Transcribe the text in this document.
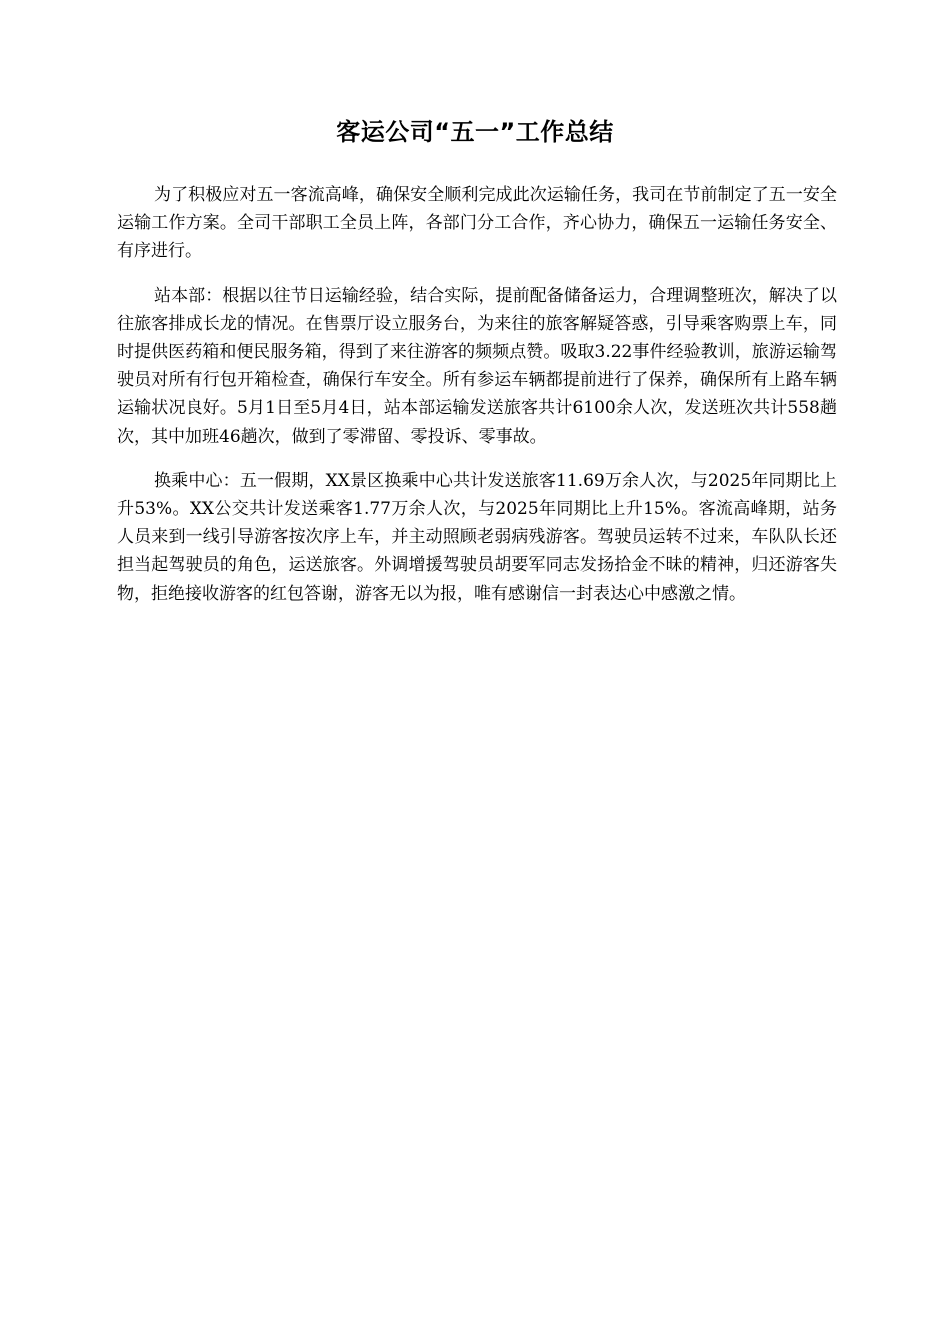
客运公司“五一”工作总结

为了积极应对五一客流高峰，确保安全顺利完成此次运输任务，我司在节前制定了五一安全运输工作方案。全司干部职工全员上阵，各部门分工合作，齐心协力，确保五一运输任务安全、有序进行。

站本部：根据以往节日运输经验，结合实际，提前配备储备运力，合理调整班次，解决了以往旅客排成长龙的情况。在售票厅设立服务台，为来往的旅客解疑答惑，引导乘客购票上车，同时提供医药箱和便民服务箱，得到了来往游客的频频点赞。吸取3.22事件经验教训，旅游运输驾驶员对所有行包开箱检查，确保行车安全。所有参运车辆都提前进行了保养，确保所有上路车辆运输状况良好。5月1日至5月4日，站本部运输发送旅客共计6100余人次，发送班次共计558趟次，其中加班46趟次，做到了零滞留、零投诉、零事故。

换乘中心：五一假期，XX景区换乘中心共计发送旅客11.69万余人次，与2025年同期比上升53%。XX公交共计发送乘客1.77万余人次，与2025年同期比上升15%。客流高峰期，站务人员来到一线引导游客按次序上车，并主动照顾老弱病残游客。驾驶员运转不过来，车队队长还担当起驾驶员的角色，运送旅客。外调增援驾驶员胡要军同志发扬拾金不昧的精神，归还游客失物，拒绝接收游客的红包答谢，游客无以为报，唯有感谢信一封表达心中感激之情。
